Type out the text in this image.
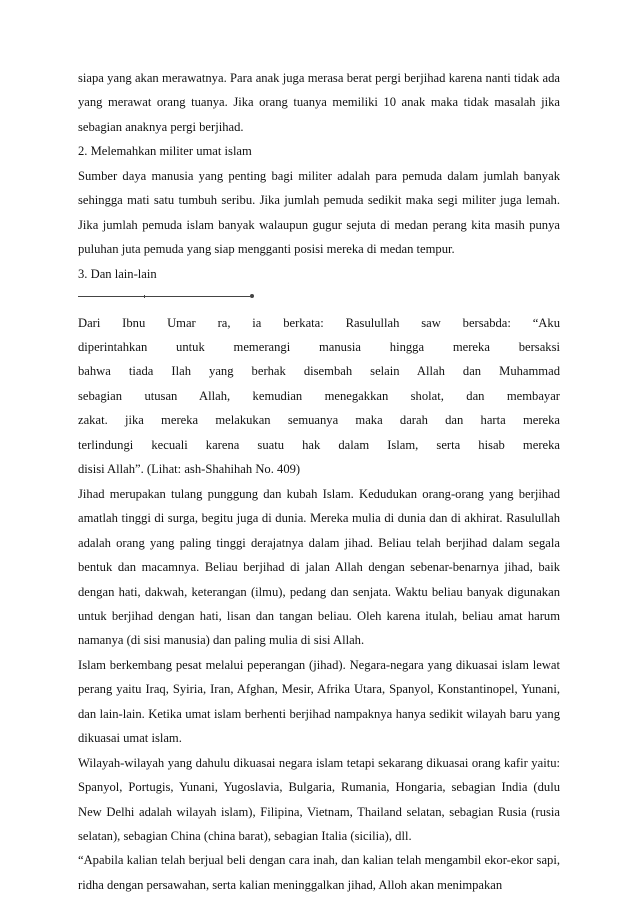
siapa yang akan merawatnya. Para anak juga merasa berat pergi berjihad karena nanti tidak ada yang merawat orang tuanya. Jika orang tuanya memiliki 10 anak maka tidak masalah jika sebagian anaknya pergi berjihad.

2. Melemahkan militer umat islam

Sumber daya manusia yang penting bagi militer adalah para pemuda dalam jumlah banyak sehingga mati satu tumbuh seribu. Jika jumlah pemuda sedikit maka segi militer juga lemah. Jika jumlah pemuda islam banyak walaupun gugur sejuta di medan perang kita masih punya puluhan juta pemuda yang siap mengganti posisi mereka di medan tempur.

3. Dan lain-lain

Dari Ibnu Umar ra, ia berkata: Rasulullah saw bersabda: “Aku

diperintahkan untuk memerangi manusia hingga mereka bersaksi

bahwa tiada Ilah yang berhak disembah selain Allah dan Muhammad

sebagian utusan Allah, kemudian menegakkan sholat, dan membayar

zakat. jika mereka melakukan semuanya maka darah dan harta mereka

terlindungi kecuali karena suatu hak dalam Islam, serta hisab mereka

disisi Allah”. (Lihat: ash-Shahihah No. 409)

Jihad merupakan tulang punggung dan kubah Islam. Kedudukan orang-orang yang berjihad amatlah tinggi di surga, begitu juga di dunia. Mereka mulia di dunia dan di akhirat. Rasulullah adalah orang yang paling tinggi derajatnya dalam jihad. Beliau telah berjihad dalam segala bentuk dan macamnya. Beliau berjihad di jalan Allah dengan sebenar-benarnya jihad, baik dengan hati, dakwah, keterangan (ilmu), pedang dan senjata. Waktu beliau banyak digunakan untuk berjihad dengan hati, lisan dan tangan beliau. Oleh karena itulah, beliau amat harum namanya (di sisi manusia) dan paling mulia di sisi Allah.

Islam berkembang pesat melalui peperangan (jihad). Negara-negara yang dikuasai islam lewat perang yaitu Iraq, Syiria, Iran, Afghan, Mesir, Afrika Utara, Spanyol, Konstantinopel, Yunani, dan lain-lain. Ketika umat islam berhenti berjihad nampaknya hanya sedikit wilayah baru yang dikuasai umat islam.

Wilayah-wilayah yang dahulu dikuasai negara islam tetapi sekarang dikuasai orang kafir yaitu: Spanyol, Portugis, Yunani, Yugoslavia, Bulgaria, Rumania, Hongaria, sebagian India (dulu New Delhi adalah wilayah islam), Filipina, Vietnam, Thailand selatan, sebagian Rusia (rusia selatan), sebagian China (china barat), sebagian Italia (sicilia), dll.

“Apabila kalian telah berjual beli dengan cara inah, dan kalian telah mengambil ekor-ekor sapi, ridha dengan persawahan, serta kalian meninggalkan jihad, Alloh akan menimpakan
